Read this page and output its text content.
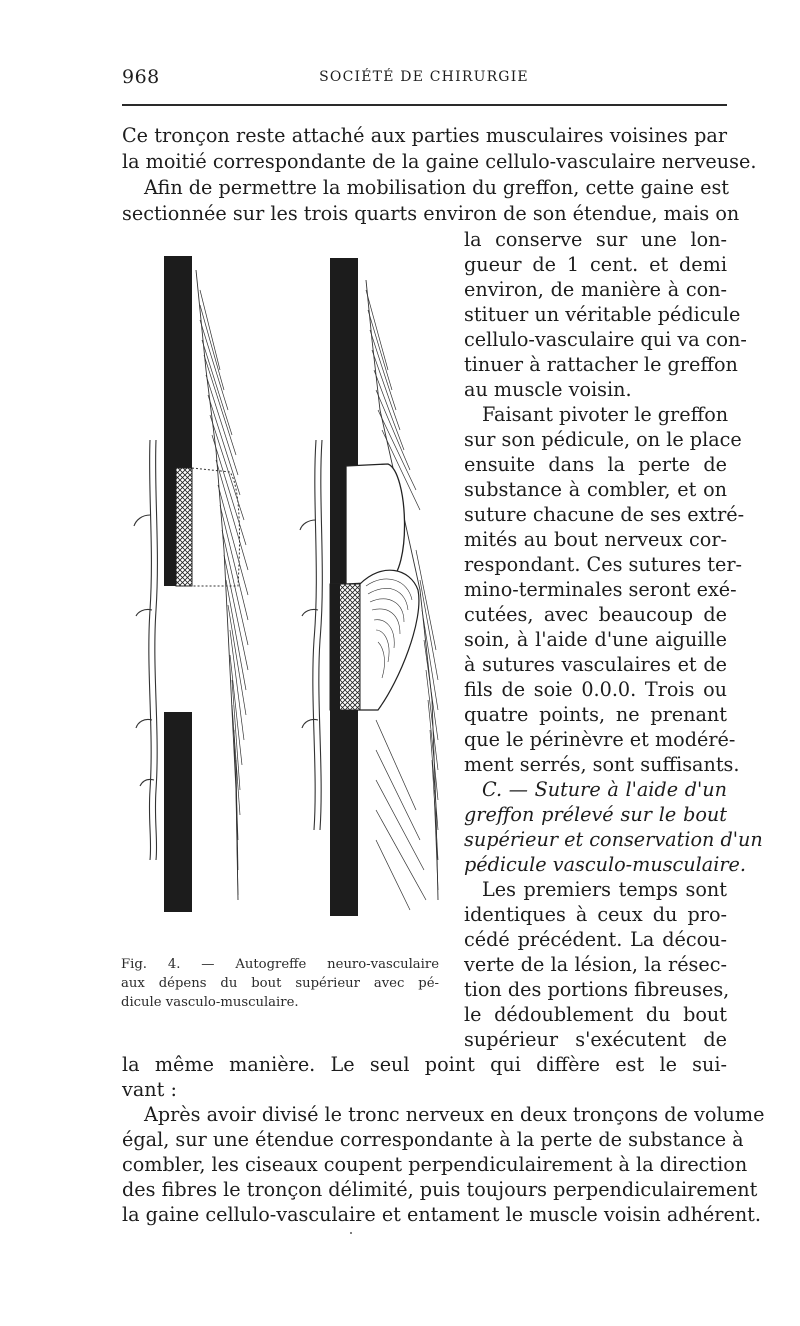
968	SOCIÉTÉ DE CHIRURGIE
Ce tronçon reste attaché aux parties musculaires voisines par
la moitié correspondante de la gaine cellulo-vasculaire nerveuse.
Afin de permettre la mobilisation du greffon, cette gaine est
sectionnée sur les trois quarts environ de son étendue, mais on
la conserve sur une lon-
gueur de 1 cent. et demi
environ, de manière à con-
stituer un véritable pédicule
cellulo-vasculaire qui va con-
tinuer à rattacher le greffon
au muscle voisin.
Faisant pivoter le greffon
sur son pédicule, on le place
ensuite dans la perte de
substance à combler, et on
suture chacune de ses extré-
mités au bout nerveux cor-
respondant. Ces sutures ter-
mino-terminales seront exé-
cutées, avec beaucoup de
soin, à l'aide d'une aiguille
à sutures vasculaires et de
fils de soie 0.0.0. Trois ou
quatre points, ne prenant
que le périnèvre et modéré-
ment serrés, sont suffisants.
C. — Suture à l'aide d'un
greffon prélevé sur le bout
supérieur et conservation d'un
pédicule vasculo-musculaire.
Les premiers temps sont
identiques à ceux du pro-
cédé précédent. La décou-
verte de la lésion, la résec-
tion des portions fibreuses,
le dédoublement du bout
supérieur s'exécutent de
la même manière. Le seul point qui diffère est le sui-
vant :
Après avoir divisé le tronc nerveux en deux tronçons de volume
égal, sur une étendue correspondante à la perte de substance à
combler, les ciseaux coupent perpendiculairement à la direction
des fibres le tronçon délimité, puis toujours perpendiculairement
la gaine cellulo-vasculaire et entament le muscle voisin adhérent.
Fig. 4. — Autogreffe neuro-vasculaire
aux dépens du bout supérieur avec pé-
dicule vasculo-musculaire.
